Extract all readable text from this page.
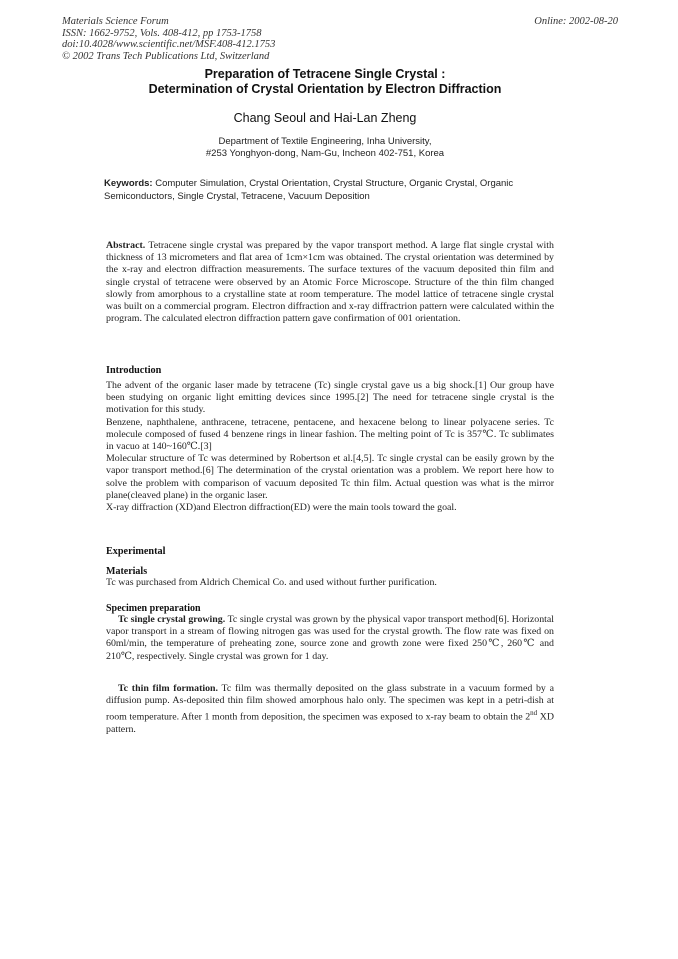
Materials Science Forum
ISSN: 1662-9752, Vols. 408-412, pp 1753-1758
doi:10.4028/www.scientific.net/MSF.408-412.1753
© 2002 Trans Tech Publications Ltd, Switzerland
Online: 2002-08-20
Preparation of Tetracene Single Crystal :
Determination of Crystal Orientation by Electron Diffraction
Chang Seoul and Hai-Lan Zheng
Department of Textile Engineering, Inha University,
#253 Yonghyon-dong, Nam-Gu, Incheon 402-751, Korea
Keywords: Computer Simulation, Crystal Orientation, Crystal Structure, Organic Crystal, Organic Semiconductors, Single Crystal, Tetracene, Vacuum Deposition

Abstract. Tetracene single crystal was prepared by the vapor transport method. A large flat single crystal with thickness of 13 micrometers and flat area of 1cm×1cm was obtained. The crystal orientation was determined by the x-ray and electron diffraction measurements. The surface textures of the vacuum deposited thin film and single crystal of tetracene were observed by an Atomic Force Microscope. Structure of the thin film changed slowly from amorphous to a crystalline state at room temperature. The model lattice of tetracene single crystal was built on a commercial program. Electron diffraction and x-ray diffractrion pattern were calculated within the program. The calculated electron diffraction pattern gave confirmation of 001 orientation.

Introduction

The advent of the organic laser made by tetracene (Tc) single crystal gave us a big shock.[1] Our group have been studying on organic light emitting devices since 1995.[2] The need for tetracene single crystal is the motivation for this study.

Benzene, naphthalene, anthracene, tetracene, pentacene, and hexacene belong to linear polyacene series. Tc molecule composed of fused 4 benzene rings in linear fashion. The melting point of Tc is 357℃. Tc sublimates in vacuo at 140~160℃.[3]

Molecular structure of Tc was determined by Robertson et al.[4,5]. Tc single crystal can be easily grown by the vapor transport method.[6] The determination of the crystal orientation was a problem. We report here how to solve the problem with comparison of vacuum deposited Tc thin film. Actual question was what is the mirror plane(cleaved plane) in the organic laser.

X-ray diffraction (XD)and Electron diffraction(ED) were the main tools toward the goal.

Experimental
Materials

Tc was purchased from Aldrich Chemical Co. and used without further purification.

Specimen preparation

Tc single crystal growing. Tc single crystal was grown by the physical vapor transport method[6]. Horizontal vapor transport in a stream of flowing nitrogen gas was used for the crystal growth. The flow rate was fixed on 60ml/min, the temperature of preheating zone, source zone and growth zone were fixed 250℃, 260℃ and 210℃, respectively. Single crystal was grown for 1 day.

Tc thin film formation. Tc film was thermally deposited on the glass substrate in a vacuum formed by a diffusion pump. As-deposited thin film showed amorphous halo only. The specimen was kept in a petri-dish at room temperature. After 1 month from deposition, the specimen was exposed to x-ray beam to obtain the 2nd XD pattern.
